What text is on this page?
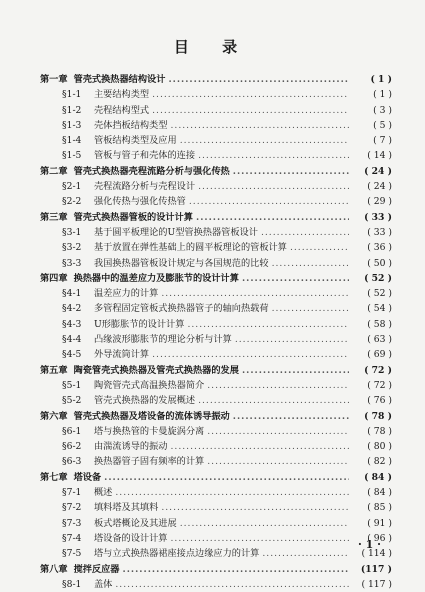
目 录
第一章 管壳式换热器结构设计 .....	( 1 )
§1-1	主要结构类型 .....	( 1 )
§1-2	壳程结构型式 .....	( 3 )
§1-3	壳体挡板结构类型 .....	( 5 )
§1-4	管板结构类型及应用 .....	( 7 )
§1-5	管板与管子和壳体的连接 .....	( 14 )
第二章 管壳式换热器壳程流路分析与强化传热 .....	( 24 )
§2-1	壳程流路分析与壳程设计 .....	( 24 )
§2-2	强化传热与强化传热管 .....	( 29 )
第三章 管壳式换热器管板的设计计算 .....	( 33 )
§3-1	基于圆平板理论的U型管换热器管板设计 .....	( 33 )
§3-2	基于放置在弹性基础上的圆平板理论的管板计算 .....	( 36 )
§3-3	我国换热器管板设计规定与各国规范的比较 .....	( 50 )
第四章 换热器中的温差应力及膨胀节的设计计算 .....	( 52 )
§4-1	温差应力的计算 .....	( 52 )
§4-2	多管程固定管板式换热器管子的轴向热载荷 .....	( 54 )
§4-3	U形膨胀节的设计计算 .....	( 58 )
§4-4	凸缘波形膨胀节的理论分析与计算 .....	( 63 )
§4-5	外导流筒计算 .....	( 69 )
第五章 陶瓷管壳式换热器及管壳式换热器的发展 .....	( 72 )
§5-1	陶瓷管壳式高温换热器简介 .....	( 72 )
§5-2	管壳式换热器的发展概述 .....	( 76 )
第六章 管壳式换热器及塔设备的流体诱导振动 .....	( 78 )
§6-1	塔与换热管的卡曼旋涡分离 .....	( 78 )
§6-2	由湍流诱导的振动 .....	( 80 )
§6-3	换热器管子固有频率的计算 .....	( 82 )
第七章 塔设备 .....	( 84 )
§7-1	概述 .....	( 84 )
§7-2	填料塔及其填料 .....	( 85 )
§7-3	板式塔概论及其进展 .....	( 91 )
§7-4	塔设备的设计计算 .....	( 96 )
§7-5	塔与立式换热器裙座接点边缘应力的计算 .....	( 114 )
第八章 搅拌反应器 .....	(117 )
§8-1	盖体 .....	( 117 )
· 1 ·
